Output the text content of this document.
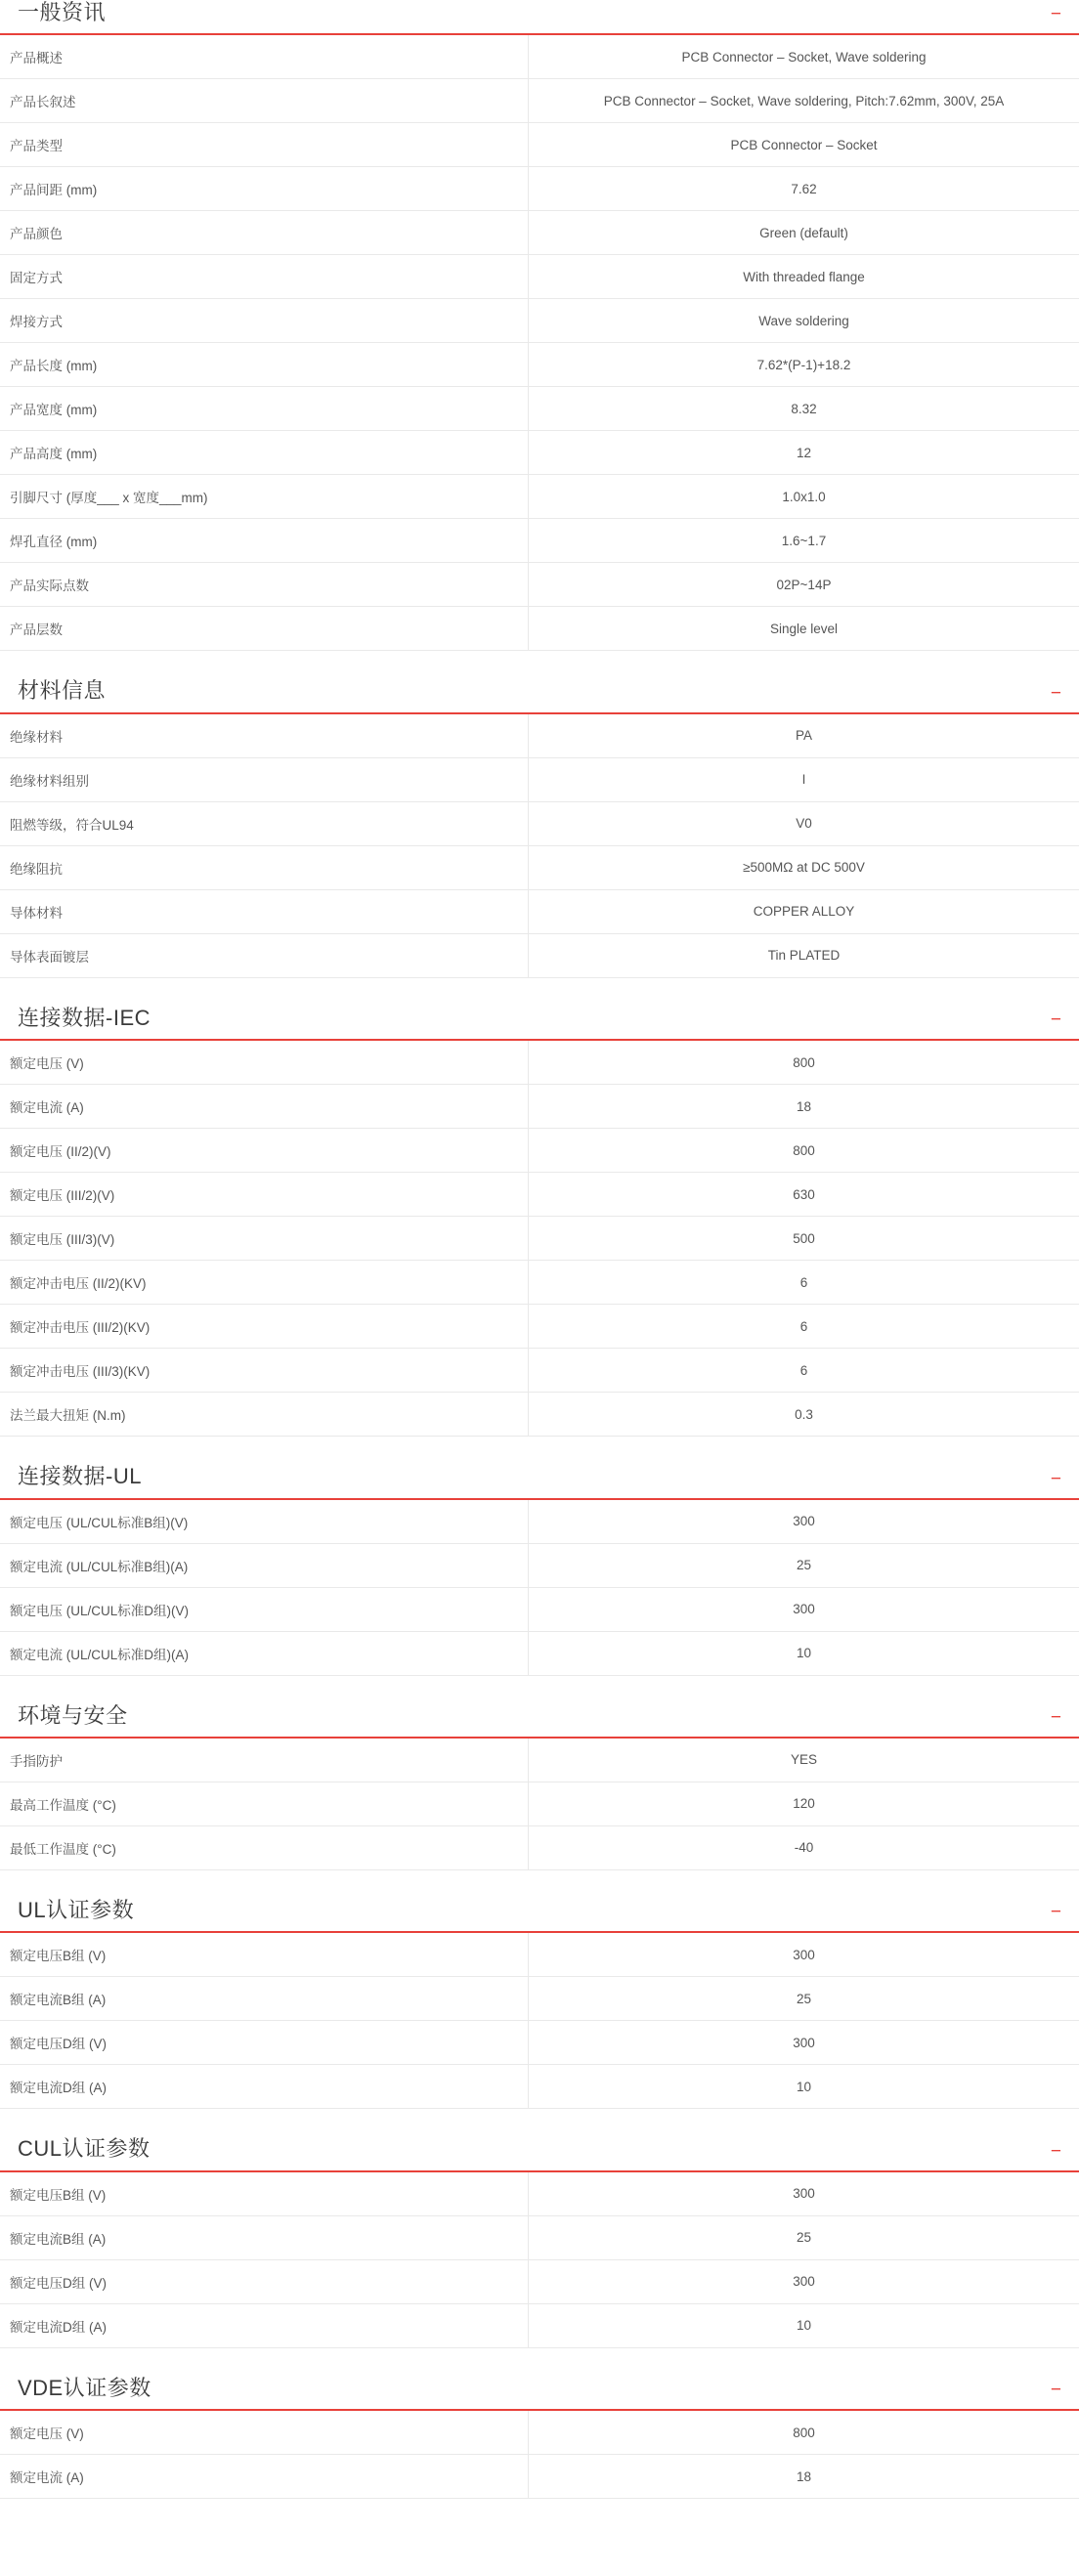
一般资讯	−
产品概述	PCB Connector – Socket, Wave soldering
产品长叙述	PCB Connector – Socket, Wave soldering, Pitch:7.62mm, 300V, 25A
产品类型	PCB Connector – Socket
产品间距 (mm)	7.62
产品颜色	Green (default)
固定方式	With threaded flange
焊接方式	Wave soldering
产品长度 (mm)	7.62*(P-1)+18.2
产品宽度 (mm)	8.32
产品高度 (mm)	12
引脚尺寸 (厚度___ x 宽度___mm)	1.0x1.0
焊孔直径 (mm)	1.6~1.7
产品实际点数	02P~14P
产品层数	Single level
材料信息	−
绝缘材料	PA
绝缘材料组别	I
阻燃等级，符合UL94	V0
绝缘阻抗	≥500MΩ at DC 500V
导体材料	COPPER ALLOY
导体表面镀层	Tin PLATED
连接数据-IEC	−
额定电压 (V)	800
额定电流 (A)	18
额定电压 (II/2)(V)	800
额定电压 (III/2)(V)	630
额定电压 (III/3)(V)	500
额定冲击电压 (II/2)(KV)	6
额定冲击电压 (III/2)(KV)	6
额定冲击电压 (III/3)(KV)	6
法兰最大扭矩 (N.m)	0.3
连接数据-UL	−
额定电压 (UL/CUL标准B组)(V)	300
额定电流 (UL/CUL标准B组)(A)	25
额定电压 (UL/CUL标准D组)(V)	300
额定电流 (UL/CUL标准D组)(A)	10
环境与安全	−
手指防护	YES
最高工作温度 (°C)	120
最低工作温度 (°C)	-40
UL认证参数	−
额定电压B组 (V)	300
额定电流B组 (A)	25
额定电压D组 (V)	300
额定电流D组 (A)	10
CUL认证参数	−
额定电压B组 (V)	300
额定电流B组 (A)	25
额定电压D组 (V)	300
额定电流D组 (A)	10
VDE认证参数	−
额定电压 (V)	800
额定电流 (A)	18
